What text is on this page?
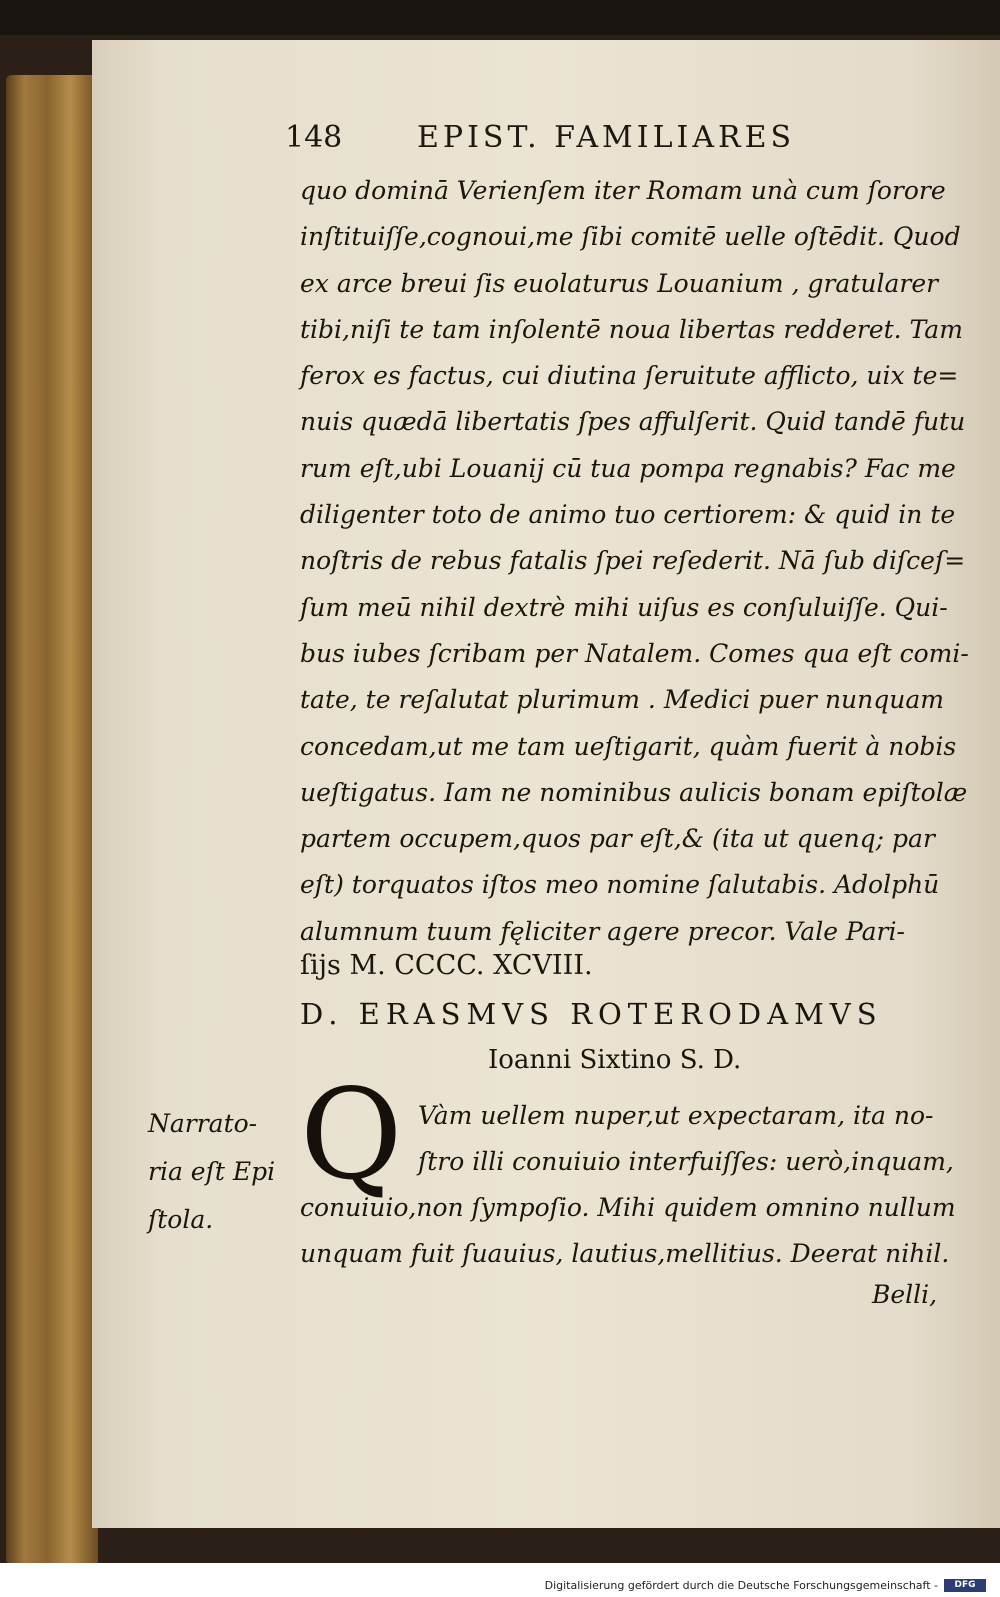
148 EPIST. FAMILIARES
quo dominā Verienſem iter Romam unà cum ſorore
inſtituiſſe,cognoui,me ſibi comitē uelle oſtēdit. Quod
ex arce breui ſis euolaturus Louanium , gratularer
tibi,niſi te tam inſolentē noua libertas redderet. Tam
ferox es factus, cui diutina ſeruitute afflicto, uix te=
nuis quædā libertatis ſpes affulſerit. Quid tandē futu
rum eſt,ubi Louanij cū tua pompa regnabis? Fac me
diligenter toto de animo tuo certiorem: & quid in te
noſtris de rebus fatalis ſpei reſederit. Nā ſub diſceſ=
ſum meū nihil dextrè mihi uiſus es conſuluiſſe. Qui-
bus iubes ſcribam per Natalem. Comes qua eſt comi-
tate, te reſalutat plurimum . Medici puer nunquam
concedam,ut me tam ueſtigarit, quàm fuerit à nobis
ueſtigatus. Iam ne nominibus aulicis bonam epiſtolæ
partem occupem,quos par eſt,& (ita ut quenq; par
eſt) torquatos iſtos meo nomine ſalutabis. Adolphū
alumnum tuum fęliciter agere precor. Vale Pari-
ſijs M. CCCC. XCVIII.
D. ERASMVS ROTERODAMVS
Ioanni Sixtino S. D.
Narrato-
ria eſt Epi
ſtola.
Q Vàm uellem nuper,ut expectaram, ita no-
ſtro illi conuiuio interfuiſſes: uerò,inquam,
conuiuio,non ſympoſio. Mihi quidem omnino nullum
unquam fuit ſuauius, lautius,mellitius. Deerat nihil.
Belli,
Digitalisierung gefördert durch die Deutsche Forschungsgemeinschaft -	DFG
